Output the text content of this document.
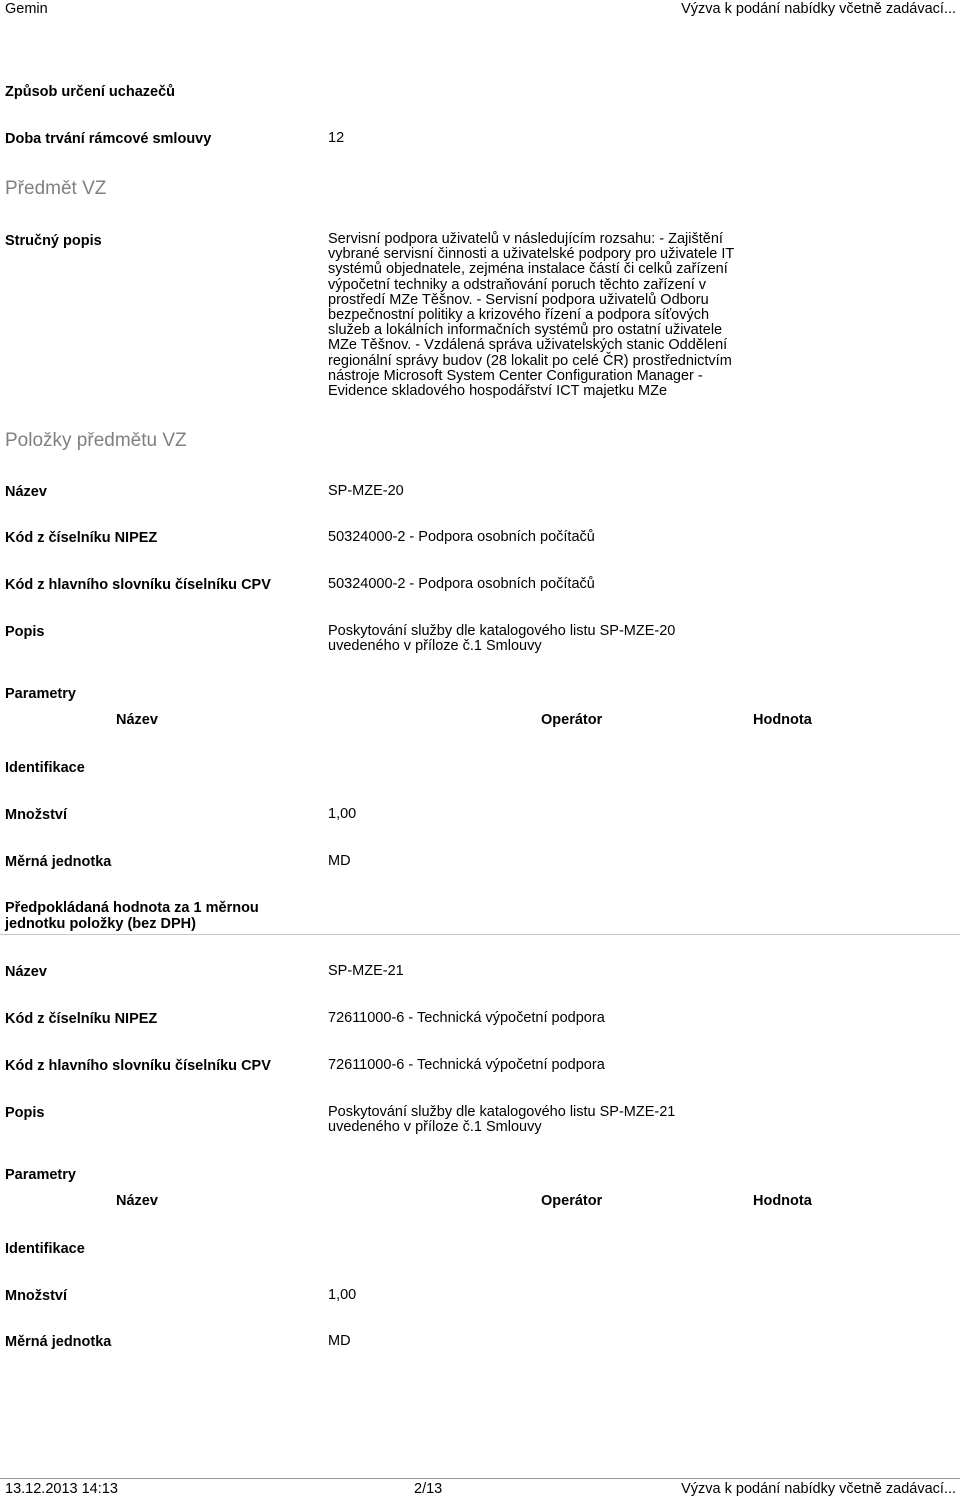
Gemin	Výzva k podání nabídky včetně zadávací...
Způsob určení uchazečů
Doba trvání rámcové smlouvy	12
Předmět VZ
Stručný popis	Servisní podpora uživatelů v následujícím rozsahu: - Zajištění
vybrané servisní činnosti a uživatelské podpory pro uživatele IT
systémů objednatele, zejména instalace částí či celků zařízení
výpočetní techniky a odstraňování poruch těchto zařízení v
prostředí MZe Těšnov. - Servisní podpora uživatelů Odboru
bezpečnostní politiky a krizového řízení a podpora síťových
služeb a lokálních informačních systémů pro ostatní uživatele
MZe Těšnov. - Vzdálená správa uživatelských stanic Oddělení
regionální správy budov (28 lokalit po celé ČR) prostřednictvím
nástroje Microsoft System Center Configuration Manager -
Evidence skladového hospodářství ICT majetku MZe
Položky předmětu VZ
Název	SP-MZE-20
Kód z číselníku NIPEZ	50324000-2 - Podpora osobních počítačů
Kód z hlavního slovníku číselníku CPV	50324000-2 - Podpora osobních počítačů
Popis	Poskytování služby dle katalogového listu SP-MZE-20
uvedeného v příloze č.1 Smlouvy
Parametry
Název	Operátor	Hodnota
Identifikace
Množství	1,00
Měrná jednotka	MD
Předpokládaná hodnota za 1 měrnou
jednotku položky (bez DPH)
Název	SP-MZE-21
Kód z číselníku NIPEZ	72611000-6 - Technická výpočetní podpora
Kód z hlavního slovníku číselníku CPV	72611000-6 - Technická výpočetní podpora
Popis	Poskytování služby dle katalogového listu SP-MZE-21
uvedeného v příloze č.1 Smlouvy
Parametry
Název	Operátor	Hodnota
Identifikace
Množství	1,00
Měrná jednotka	MD
13.12.2013 14:13	2/13	Výzva k podání nabídky včetně zadávací...
